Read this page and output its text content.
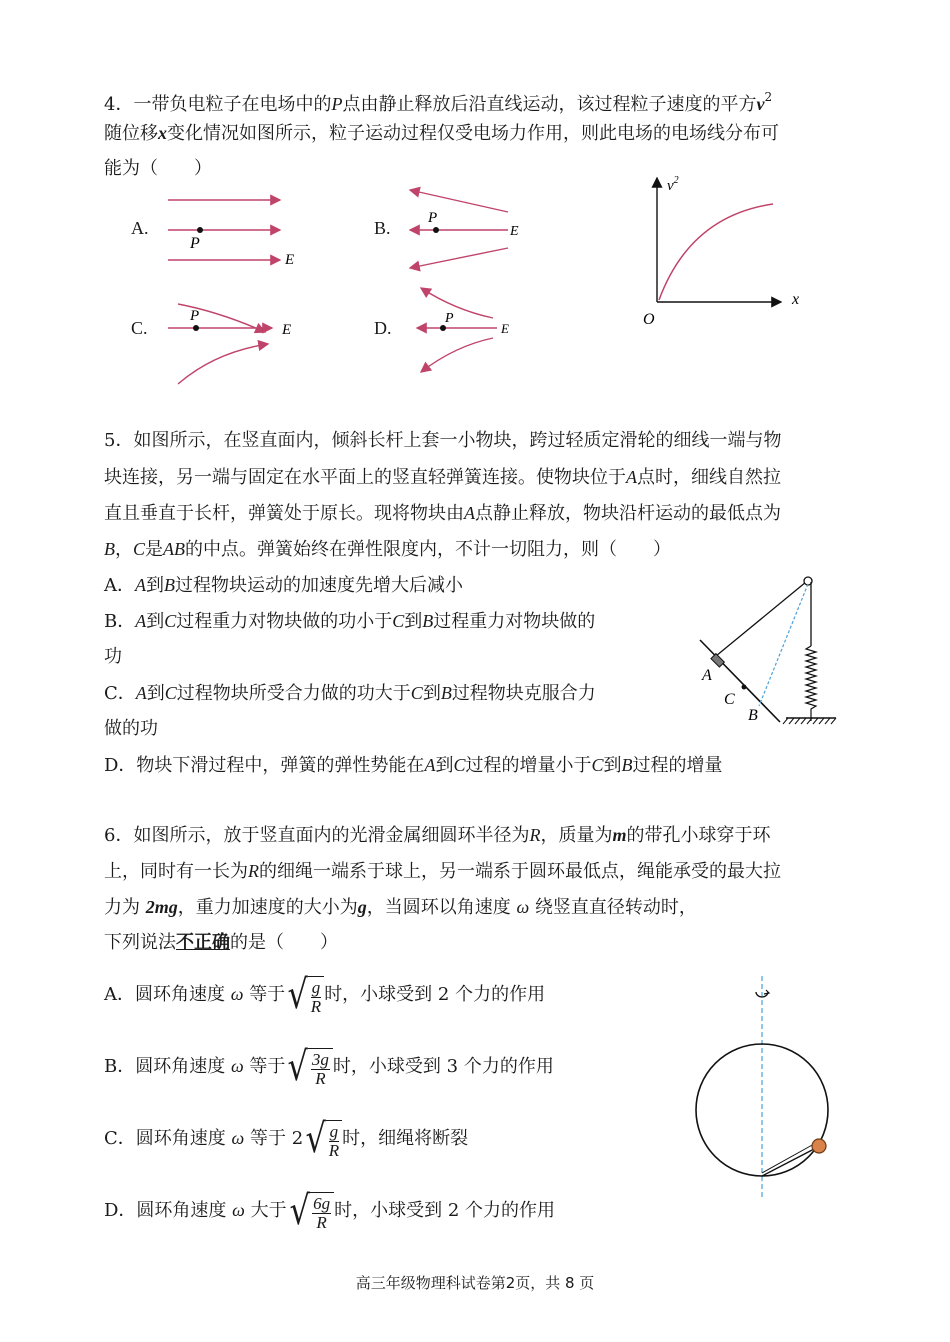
4．一带负电粒子在电场中的P点由静止释放后沿直线运动，该过程粒子速度的平方$v^2$
随位移x变化情况如图所示，粒子运动过程仅受电场力作用，则此电场的电场线分布可
能为（　　）
A.	B.
C.	D.
P
E
P
E
P
E
P
E
$v^2$
x
O
5．如图所示，在竖直面内，倾斜长杆上套一小物块，跨过轻质定滑轮的细线一端与物
块连接，另一端与固定在水平面上的竖直轻弹簧连接。使物块位于A点时，细线自然拉
直且垂直于长杆，弹簧处于原长。现将物块由A点静止释放，物块沿杆运动的最低点为
B，C是AB的中点。弹簧始终在弹性限度内，不计一切阻力，则（　　）
A．A到B过程物块运动的加速度先增大后减小
B．A到C过程重力对物块做的功小于C到B过程重力对物块做的
功
C．A到C过程物块所受合力做的功大于C到B过程物块克服合力
做的功
D．物块下滑过程中，弹簧的弹性势能在A到C过程的增量小于C到B过程的增量
A
C
B
6．如图所示，放于竖直面内的光滑金属细圆环半径为R，质量为m的带孔小球穿于环
上，同时有一长为R的细绳一端系于球上，另一端系于圆环最低点，绳能承受的最大拉
力为 2mg，重力加速度的大小为g，当圆环以角速度 ω 绕竖直直径转动时，
下列说法不正确的是（　　）
A．圆环角速度 ω 等于 √ $\frac{g}{R}$ 时，小球受到 2 个力的作用
B．圆环角速度 ω 等于 √ $\frac{3g}{R}$ 时，小球受到 3 个力的作用
C．圆环角速度 ω 等于 2 √ $\frac{g}{R}$ 时，细绳将断裂
D．圆环角速度 ω 大于 √ $\frac{6g}{R}$ 时，小球受到 2 个力的作用
高三年级物理科试卷第2页，共 8 页
